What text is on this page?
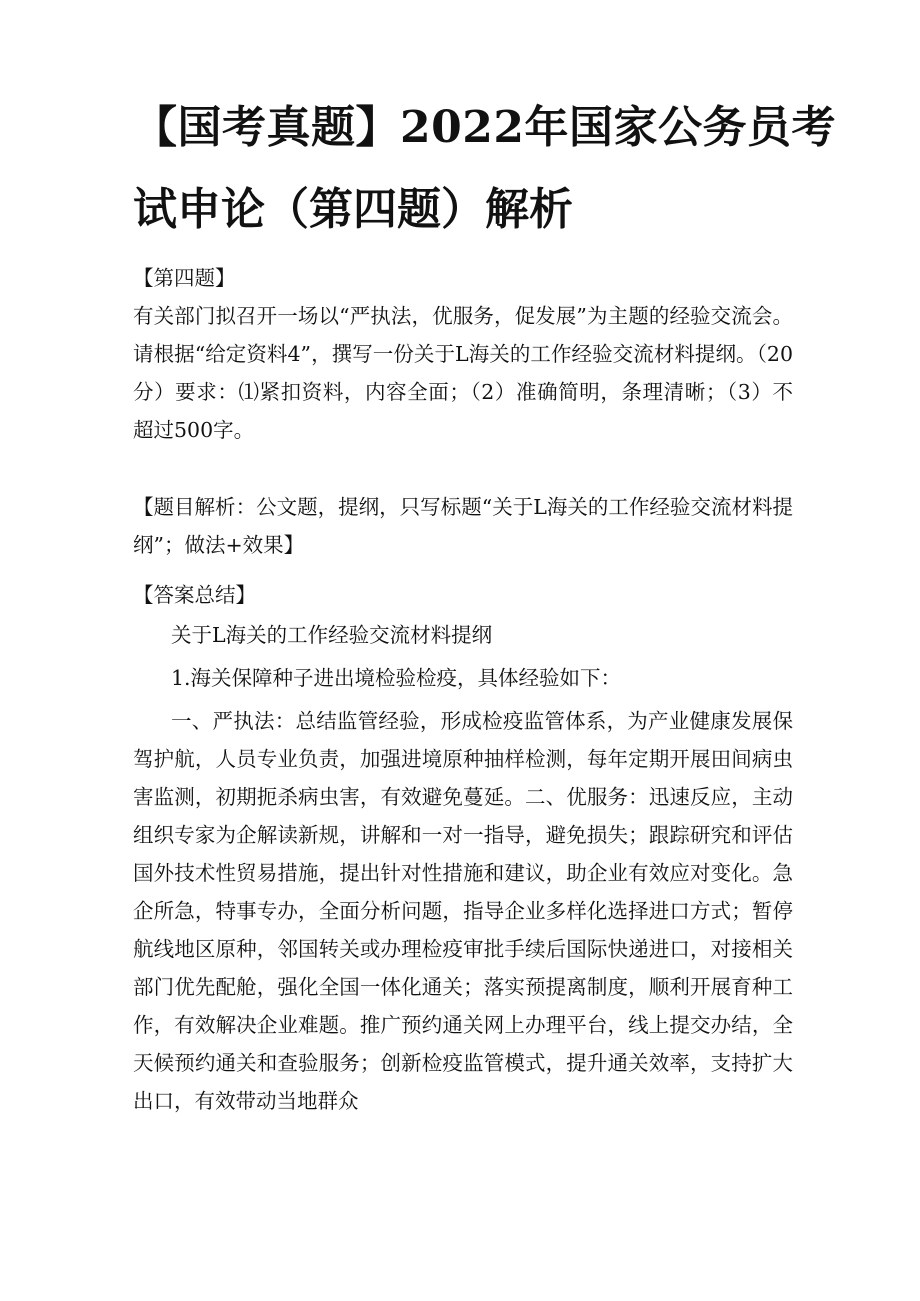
【国考真题】2022年国家公务员考
试申论（第四题）解析

【第四题】

有关部门拟召开一场以“严执法，优服务，促发展”为主题的经验交流会。请根据“给定资料4”，撰写一份关于L海关的工作经验交流材料提纲。（20分）要求：⑴紧扣资料，内容全面；（2）准确简明，条理清晰；（3）不超过500字。

【题目解析：公文题，提纲，只写标题“关于L海关的工作经验交流材料提纲”；做法+效果】

【答案总结】

关于L海关的工作经验交流材料提纲

1.海关保障种子进出境检验检疫，具体经验如下：

一、严执法：总结监管经验，形成检疫监管体系，为产业健康发展保驾护航，人员专业负责，加强进境原种抽样检测，每年定期开展田间病虫害监测，初期扼杀病虫害，有效避免蔓延。二、优服务：迅速反应，主动组织专家为企解读新规，讲解和一对一指导，避免损失；跟踪研究和评估国外技术性贸易措施，提出针对性措施和建议，助企业有效应对变化。急企所急，特事专办，全面分析问题，指导企业多样化选择进口方式；暂停航线地区原种，邻国转关或办理检疫审批手续后国际快递进口，对接相关部门优先配舱，强化全国一体化通关；落实预提离制度，顺利开展育种工作，有效解决企业难题。推广预约通关网上办理平台，线上提交办结，全天候预约通关和查验服务；创新检疫监管模式，提升通关效率，支持扩大出口，有效带动当地群众
